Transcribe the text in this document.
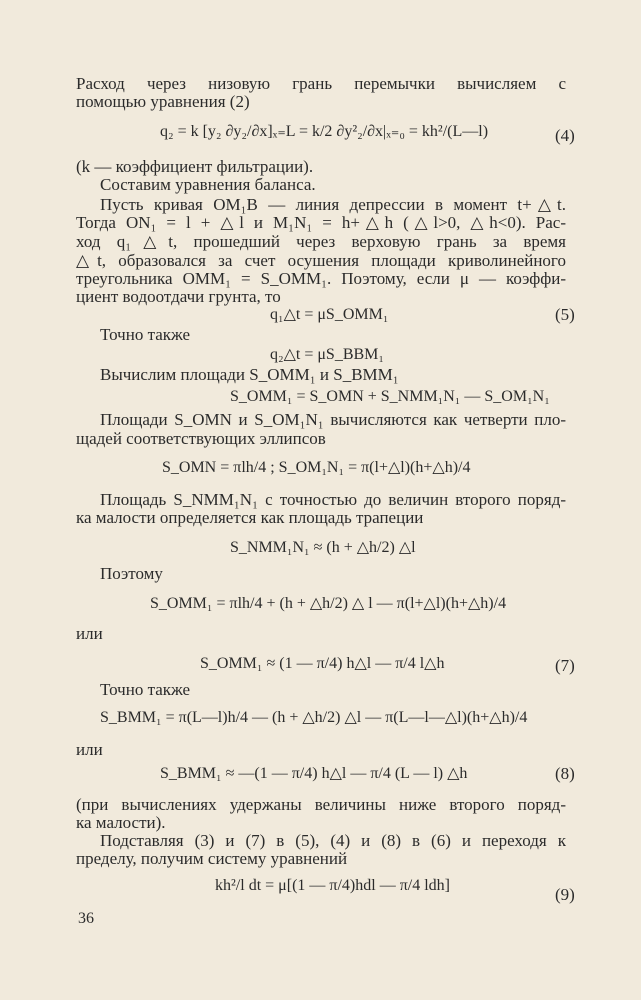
Расход через низовую грань перемычки вычисляем с
помощью уравнения (2)
q₂ = k [y₂ ∂y₂/∂x]ₓ₌L = k/2 ∂y²₂/∂x|ₓ₌₀ = kh²/(L—l)	(4)
(k — коэффициент фильтрации).
Составим уравнения баланса.
Пусть кривая OM₁B — линия депрессии в момент t+△t.
Тогда ON₁ = l + △l и M₁N₁ = h+△h (△l>0, △h<0). Рас-
ход q₁△t, прошедший через верховую грань за время
△t, образовался за счет осушения площади криволинейного
треугольника OMM₁ = S_OMM₁. Поэтому, если μ — коэффи-
циент водоотдачи грунта, то
q₁△t = μS_OMM₁	(5)
Точно также
q₂△t = μS_BBM₁
Вычислим площади S_OMM₁ и S_BMM₁
S_OMM₁ = S_OMN + S_NMM₁N₁ — S_OM₁N₁
Площади S_OMN и S_OM₁N₁ вычисляются как четверти пло-
щадей соответствующих эллипсов
S_OMN = πlh/4 ; S_OM₁N₁ = π(l+△l)(h+△h)/4
Площадь S_NMM₁N₁ с точностью до величин второго поряд-
ка малости определяется как площадь трапеции
S_NMM₁N₁ ≈ (h + △h/2) △l
Поэтому
S_OMM₁ = πlh/4 + (h + △h/2) △ l — π(l+△l)(h+△h)/4
или
S_OMM₁ ≈ (1 — π/4) h△l — π/4 l△h	(7)
Точно также
S_BMM₁ = π(L—l)h/4 — (h + △h/2) △l — π(L—l—△l)(h+△h)/4
или
S_BMM₁ ≈ —(1 — π/4) h△l — π/4 (L — l) △h	(8)
(при вычислениях удержаны величины ниже второго поряд-
ка малости).
Подставляя (3) и (7) в (5), (4) и (8) в (6) и переходя к
пределу, получим систему уравнений
kh²/l dt = μ[(1 — π/4)hdl — π/4 ldh]	(9)
36
